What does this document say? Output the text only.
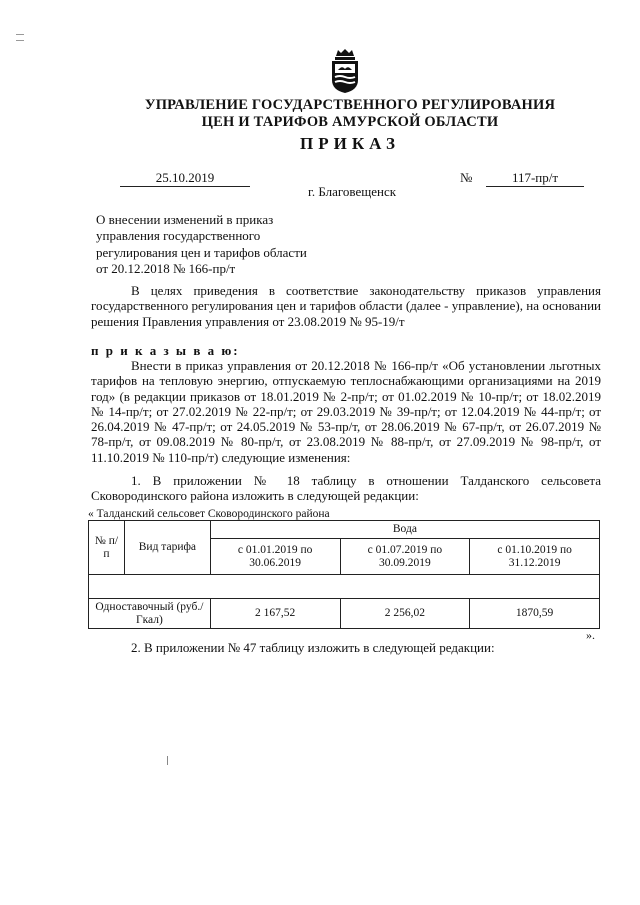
УПРАВЛЕНИЕ ГОСУДАРСТВЕННОГО РЕГУЛИРОВАНИЯ
ЦЕН И ТАРИФОВ АМУРСКОЙ ОБЛАСТИ
ПРИКАЗ
25.10.2019	№	117-пр/т
г. Благовещенск
О внесении изменений в приказ
управления государственного
регулирования цен и тарифов области
от 20.12.2018 № 166-пр/т
В целях приведения в соответствие законодательству приказов управления государственного регулирования цен и тарифов области (далее - управление), на основании решения Правления управления от 23.08.2019 № 95-19/т
п р и к а з ы в а ю:
Внести в приказ управления от 20.12.2018 № 166-пр/т «Об установлении льготных тарифов на тепловую энергию, отпускаемую теплоснабжающими организациями на 2019 год» (в редакции приказов от 18.01.2019 № 2-пр/т; от 01.02.2019 № 10-пр/т; от 18.02.2019 № 14-пр/т; от 27.02.2019 № 22-пр/т; от 29.03.2019 № 39-пр/т; от 12.04.2019 № 44-пр/т; от 26.04.2019 № 47-пр/т; от 24.05.2019 № 53-пр/т, от 28.06.2019 № 67-пр/т, от 26.07.2019 № 78-пр/т, от 09.08.2019 № 80-пр/т, от 23.08.2019 № 88-пр/т, от 27.09.2019 № 98-пр/т, от 11.10.2019 № 110-пр/т) следующие изменения:
1. В приложении № 18 таблицу в отношении Талданского сельсовета Сковородинского района изложить в следующей редакции:
« Талданский сельсовет Сковородинского района
№ п/п	Вид тарифа	Вода		
		с 01.01.2019 по 30.06.2019	с 01.07.2019 по 30.09.2019	с 01.10.2019 по 31.12.2019

Одноставочный (руб./Гкал)		2 167,52	2 256,02	1870,59
».
2. В приложении № 47 таблицу изложить в следующей редакции:
